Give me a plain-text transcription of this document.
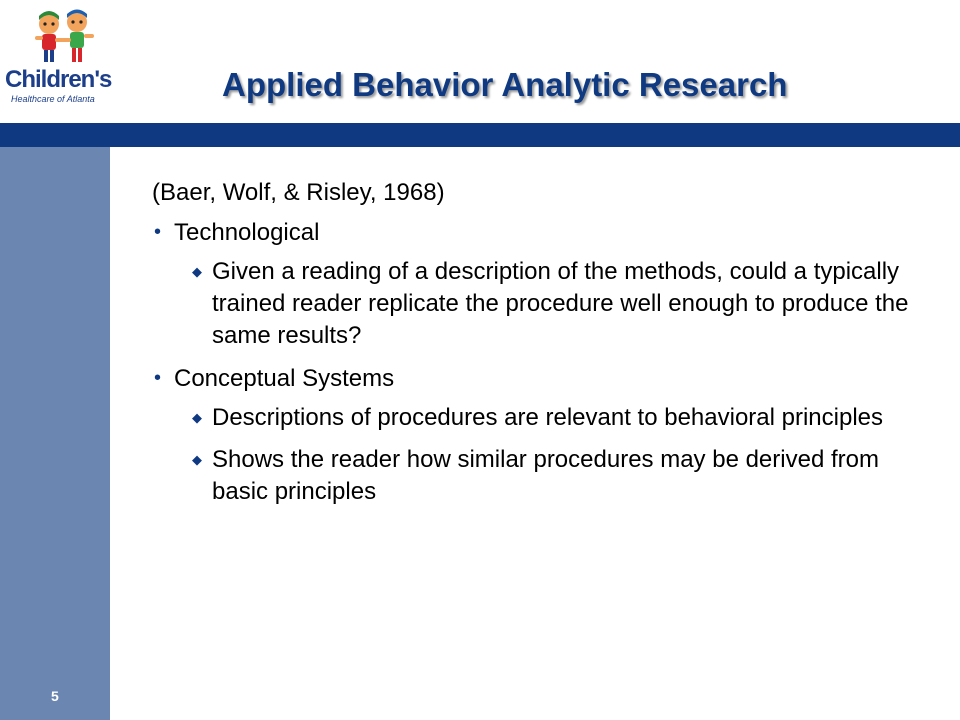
Children's
Healthcare of Atlanta	Applied Behavior Analytic Research
(Baer, Wolf, & Risley, 1968)
• Technological
◆ Given a reading of a description of the methods, could a typically trained reader replicate the procedure well enough to produce the same results?
• Conceptual Systems
◆ Descriptions of procedures are relevant to behavioral principles
◆ Shows the reader how similar procedures may be derived from basic principles
5
